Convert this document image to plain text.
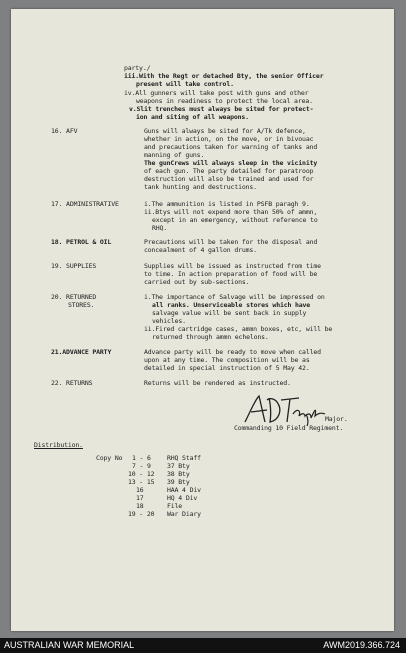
party./
iii.With the Regt or detached Bty, the senior Officer
present will take control.
iv.All gunners will take post with guns and other
weapons in readiness to protect the local area.
v.Slit trenches must always be sited for protect-
ion and siting of all weapons.
16. AFV	Guns will always be sited for A/Tk defence,
whether in action, on the move, or in bivouac
and precautions taken for warning of tanks and
manning of guns.
The gunCrews will always sleep in the vicinity
of each gun. The party detailed for paratroop
destruction will also be trained and used for
tank hunting and destructions.
17. ADMINISTRATIVE	i.The ammunition is listed in PSFB paragh 9.
ii.Btys will not expend more than 50% of ammn,
except in an emergency, without reference to
RHQ.
18. PETROL & OIL	Precautions will be taken for the disposal and
concealment of 4 gallon drums.
19. SUPPLIES	Supplies will be issued as instructed from time
to time. In action preparation of food will be
carried out by sub-sections.
20. RETURNED
STORES.
i.The importance of Salvage will be impressed on
all ranks. Unserviceable stores which have
salvage value will be sent back in supply
vehicles.
ii.Fired cartridge cases, ammn boxes, etc, will be
returned through ammn echelons.
21.ADVANCE PARTY	Advance party will be ready to move when called
upon at any time. The composition will be as
detailed in special instruction of 5 May 42.
22. RETURNS	Returns will be rendered as instructed.
Major.
Commanding 10 Field Regiment.
Distribution.
Copy No 1 - 6 RHQ Staff
7 - 9 37 Bty
10 - 12 38 Bty
13 - 15 39 Bty
16	HAA 4 Div
17	HQ 4 Div
18	File
19 - 20 War Diary
AUSTRALIAN WAR MEMORIAL	AWM2019.366.724
